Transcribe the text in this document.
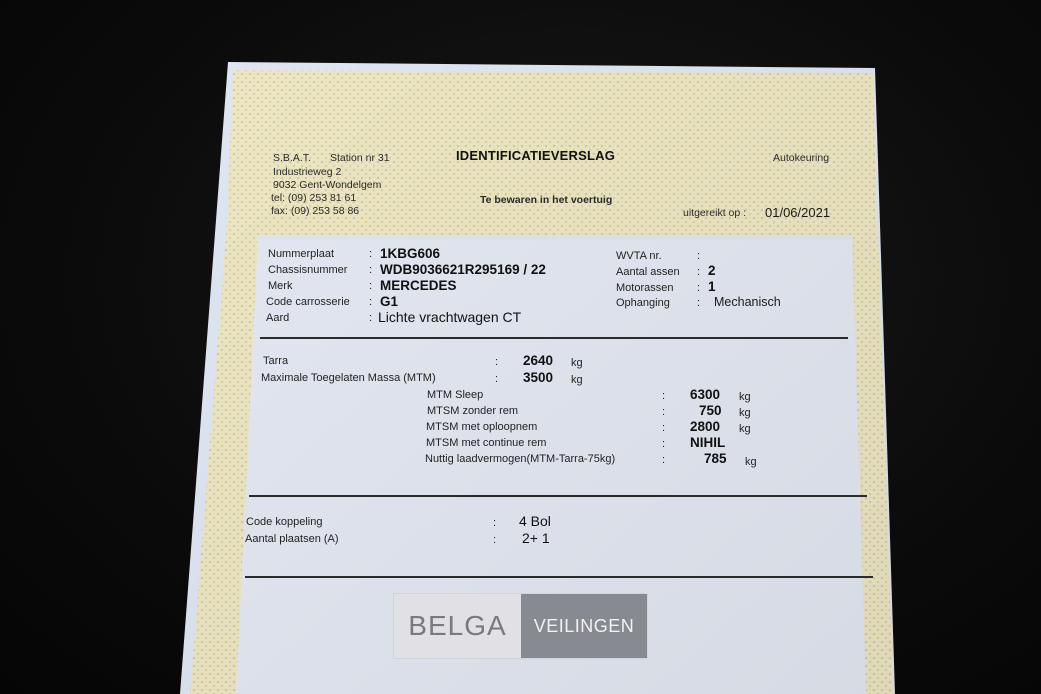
S.B.A.T. Station nr 31
Industrieweg 2
9032 Gent-Wondelgem
tel: (09) 253 81 61
fax: (09) 253 58 86
IDENTIFICATIEVERSLAG	Autokeuring
Te bewaren in het voertuig
uitgereikt op : 01/06/2021
Nummerplaat	: 1KBG606
Chassisnummer : WDB9036621R295169 / 22
Merk	: MERCEDES
Code carrosserie : G1
Aard	: Lichte vrachtwagen CT
WVTA nr.	:
Aantal assen : 2
Motorassen : 1
Ophanging : Mechanisch
Tarra	: 2640 kg
Maximale Toegelaten Massa (MTM)	: 3500 kg
MTM Sleep	: 6300 kg
MTSM zonder rem	:	750 kg
MTSM met oploopnem	: 2800 kg
MTSM met continue rem	: NIHIL
Nuttig laadvermogen(MTM-Tarra-75kg)	:	785 kg
Code koppeling	: 4 Bol
Aantal plaatsen (A)	: 2+ 1
BELGA	VEILINGEN
